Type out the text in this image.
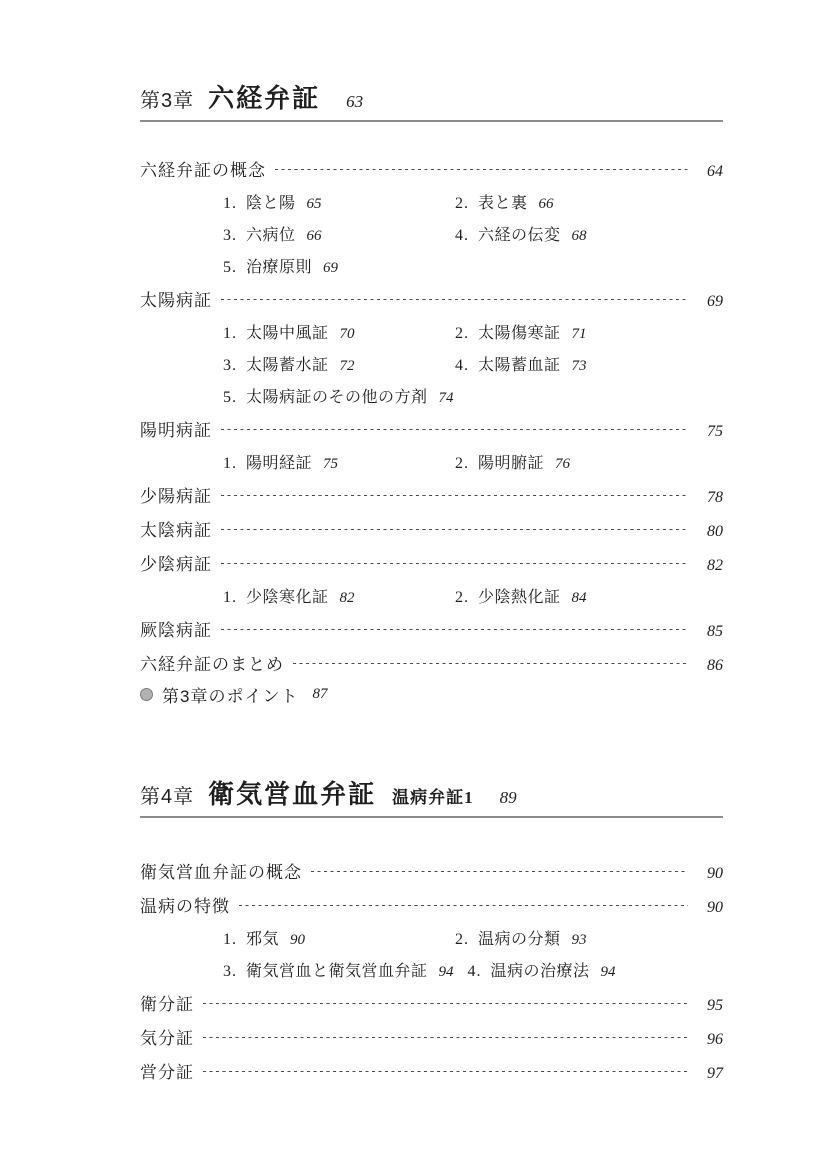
第3章 六経弁証 63
六経弁証の概念	64
1. 陰と陽 65	2. 表と裏 66
3. 六病位 66	4. 六経の伝変 68
5. 治療原則 69
太陽病証	69
1. 太陽中風証 70	2. 太陽傷寒証 71
3. 太陽蓄水証 72	4. 太陽蓄血証 73
5. 太陽病証のその他の方剤 74
陽明病証	75
1. 陽明経証 75	2. 陽明腑証 76
少陽病証	78
太陰病証	80
少陰病証	82
1. 少陰寒化証 82	2. 少陰熱化証 84
厥陰病証	85
六経弁証のまとめ	86
第3章のポイント 87
第4章 衛気営血弁証 温病弁証1 89
衛気営血弁証の概念	90
温病の特徴	90
1. 邪気 90	2. 温病の分類 93
3. 衛気営血と衛気営血弁証 94 4. 温病の治療法 94
衛分証	95
気分証	96
営分証	97
